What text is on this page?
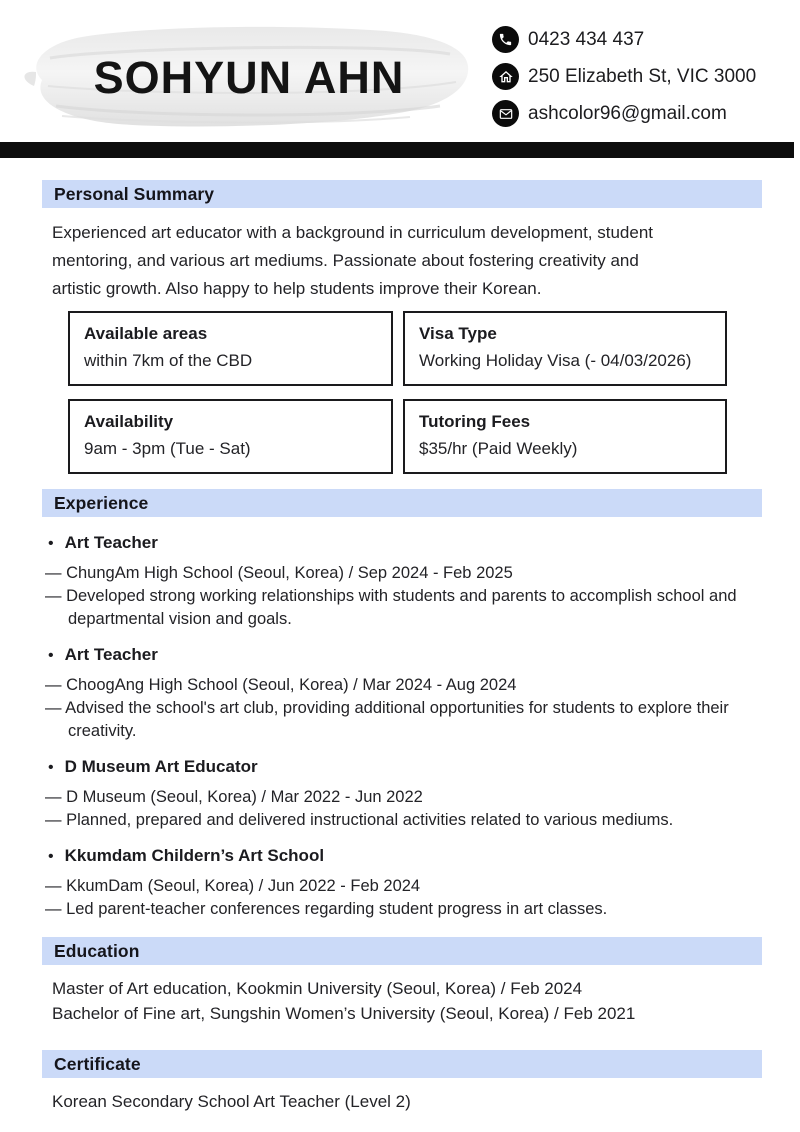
SOHYUN AHN
0423 434 437
250 Elizabeth St, VIC 3000
ashcolor96@gmail.com
Personal Summary
Experienced art educator with a background in curriculum development, student
mentoring, and various art mediums. Passionate about fostering creativity and
artistic growth. Also happy to help students improve their Korean.
Available areas
within 7km of the CBD
Visa Type
Working Holiday Visa (- 04/03/2026)
Availability
9am - 3pm (Tue - Sat)
Tutoring Fees
$35/hr (Paid Weekly)
Experience
• Art Teacher
— ChungAm High School (Seoul, Korea) / Sep 2024 - Feb 2025
— Developed strong working relationships with students and parents to accomplish school and departmental vision and goals.
• Art Teacher
— ChoogAng High School (Seoul, Korea) / Mar 2024 - Aug 2024
— Advised the school's art club, providing additional opportunities for students to explore their creativity.
• D Museum Art Educator
— D Museum (Seoul, Korea) / Mar 2022 - Jun 2022
— Planned, prepared and delivered instructional activities related to various mediums.
• Kkumdam Childern’s Art School
— KkumDam (Seoul, Korea) / Jun 2022 - Feb 2024
— Led parent-teacher conferences regarding student progress in art classes.
Education
Master of Art education, Kookmin University (Seoul, Korea) / Feb 2024
Bachelor of Fine art, Sungshin Women’s University (Seoul, Korea) / Feb 2021
Certificate
Korean Secondary School Art Teacher (Level 2)
